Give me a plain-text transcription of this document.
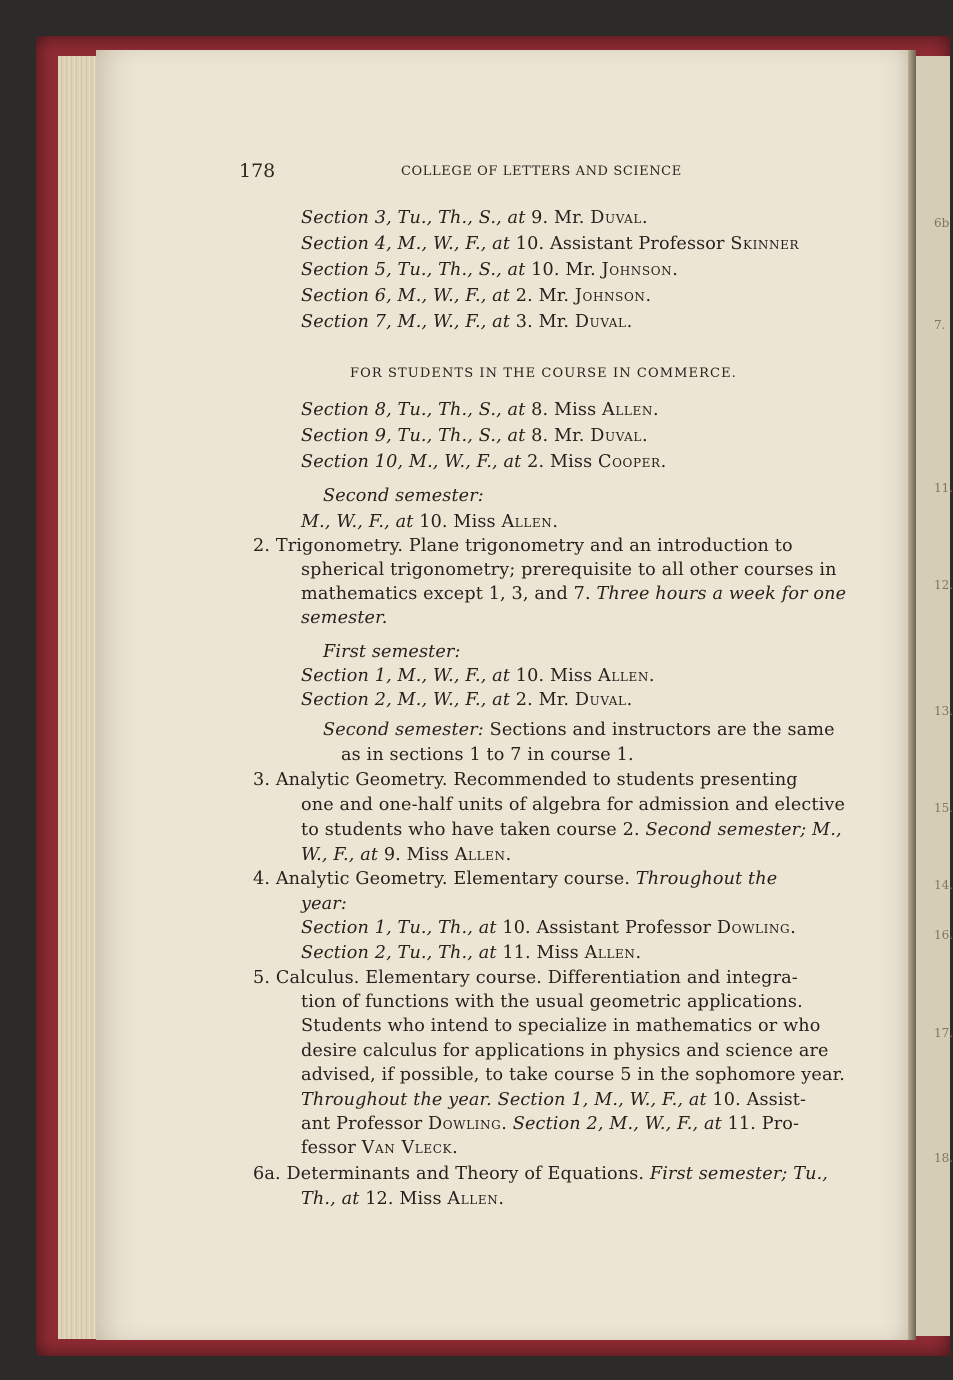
6b
7.
11.
12.
13.
15.
14.
16.
17.
18.
178	COLLEGE OF LETTERS AND SCIENCE
Section 3, Tu., Th., S., at 9. Mr. Duval.
Section 4, M., W., F., at 10. Assistant Professor Skinner
Section 5, Tu., Th., S., at 10. Mr. Johnson.
Section 6, M., W., F., at 2. Mr. Johnson.
Section 7, M., W., F., at 3. Mr. Duval.
FOR STUDENTS IN THE COURSE IN COMMERCE.
Section 8, Tu., Th., S., at 8. Miss Allen.
Section 9, Tu., Th., S., at 8. Mr. Duval.
Section 10, M., W., F., at 2. Miss Cooper.
Second semester:
M., W., F., at 10. Miss Allen.
2. Trigonometry. Plane trigonometry and an introduction to
spherical trigonometry; prerequisite to all other courses in
mathematics except 1, 3, and 7. Three hours a week for one
semester.
First semester:
Section 1, M., W., F., at 10. Miss Allen.
Section 2, M., W., F., at 2. Mr. Duval.
Second semester: Sections and instructors are the same
as in sections 1 to 7 in course 1.
3. Analytic Geometry. Recommended to students presenting
one and one-half units of algebra for admission and elective
to students who have taken course 2. Second semester; M.,
W., F., at 9. Miss Allen.
4. Analytic Geometry. Elementary course. Throughout the
year:
Section 1, Tu., Th., at 10. Assistant Professor Dowling.
Section 2, Tu., Th., at 11. Miss Allen.
5. Calculus. Elementary course. Differentiation and integra-
tion of functions with the usual geometric applications.
Students who intend to specialize in mathematics or who
desire calculus for applications in physics and science are
advised, if possible, to take course 5 in the sophomore year.
Throughout the year. Section 1, M., W., F., at 10. Assist-
ant Professor Dowling. Section 2, M., W., F., at 11. Pro-
fessor Van Vleck.
6a. Determinants and Theory of Equations. First semester; Tu.,
Th., at 12. Miss Allen.
